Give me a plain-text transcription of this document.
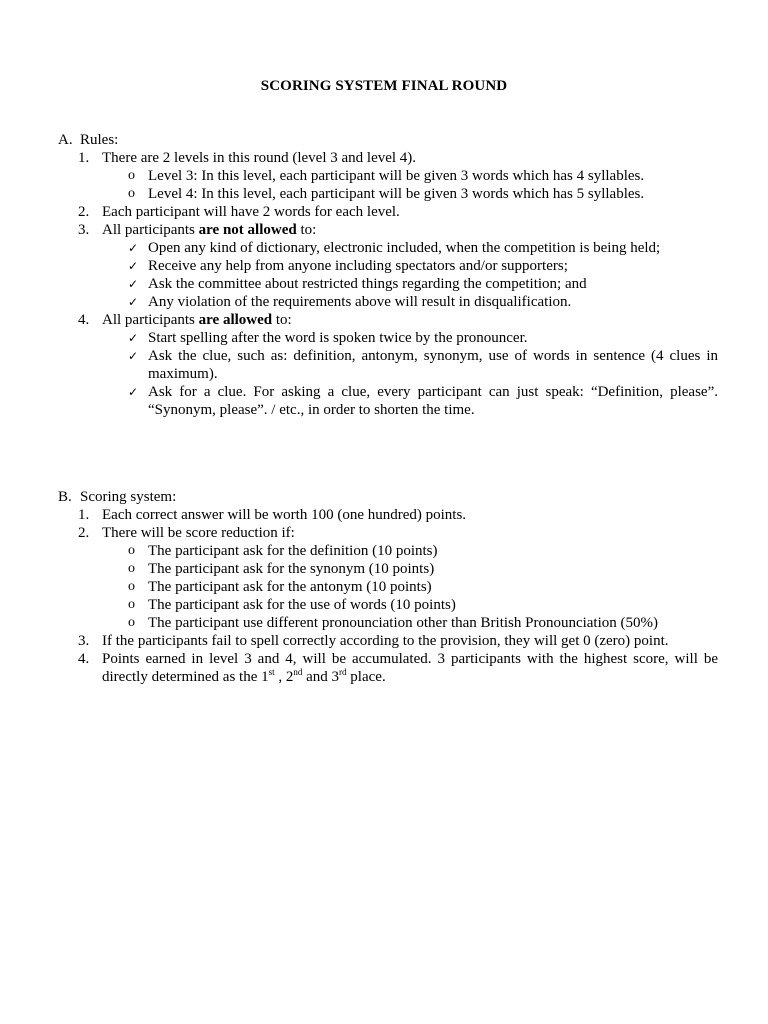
SCORING SYSTEM FINAL ROUND
A. Rules:
1. There are 2 levels in this round (level 3 and level 4).
o Level 3: In this level, each participant will be given 3 words which has 4 syllables.
o Level 4: In this level, each participant will be given 3 words which has 5 syllables.
2. Each participant will have 2 words for each level.
3. All participants are not allowed to:
✓ Open any kind of dictionary, electronic included, when the competition is being held;
✓ Receive any help from anyone including spectators and/or supporters;
✓ Ask the committee about restricted things regarding the competition; and
✓ Any violation of the requirements above will result in disqualification.
4. All participants are allowed to:
✓ Start spelling after the word is spoken twice by the pronouncer.
✓ Ask the clue, such as: definition, antonym, synonym, use of words in sentence (4 clues in maximum).
✓ Ask for a clue. For asking a clue, every participant can just speak: “Definition, please”. “Synonym, please”. / etc., in order to shorten the time.
B. Scoring system:
1. Each correct answer will be worth 100 (one hundred) points.
2. There will be score reduction if:
o The participant ask for the definition (10 points)
o The participant ask for the synonym (10 points)
o The participant ask for the antonym (10 points)
o The participant ask for the use of words (10 points)
o The participant use different pronounciation other than British Pronounciation (50%)
3. If the participants fail to spell correctly according to the provision, they will get 0 (zero) point.
4. Points earned in level 3 and 4, will be accumulated. 3 participants with the highest score, will be directly determined as the 1st , 2nd and 3rd place.
